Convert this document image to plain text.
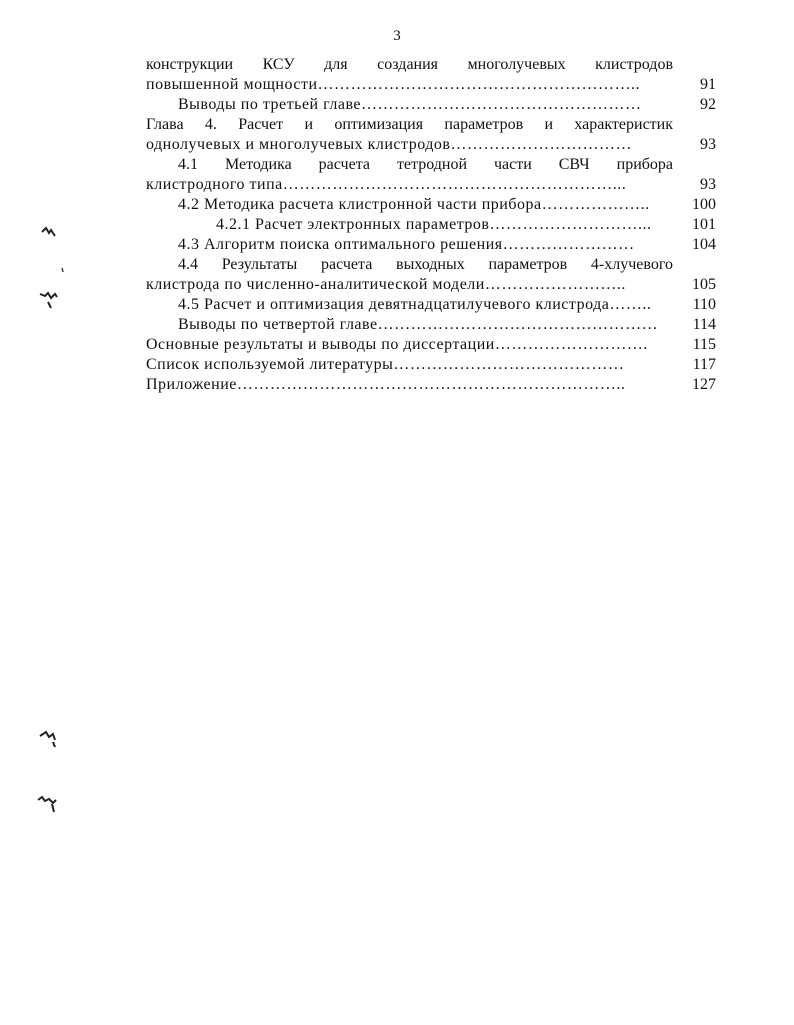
3
конструкции КСУ для создания многолучевых клистродов
повышенной мощности…………………………………………………..	91
Выводы по третьей главе……………………………………………	92
Глава 4. Расчет и оптимизация параметров и характеристик
однолучевых и многолучевых клистродов……………………………	93
4.1 Методика расчета тетродной части СВЧ прибора
клистродного типа……………………………………………………...	93
4.2 Методика расчета клистронной части прибора………………..	100
4.2.1 Расчет электронных параметров………………………...	101
4.3 Алгоритм поиска оптимального решения……………………	104
4.4 Результаты расчета выходных параметров 4-хлучевого
клистрода по численно-аналитической модели……………………..	105
4.5 Расчет и оптимизация девятнадцатилучевого клистрода……..	110
Выводы по четвертой главе……………………………………………	114
Основные результаты и выводы по диссертации……………………….	115
Список используемой литературы……………………………………	117
Приложение……………………………………………………………..	127
